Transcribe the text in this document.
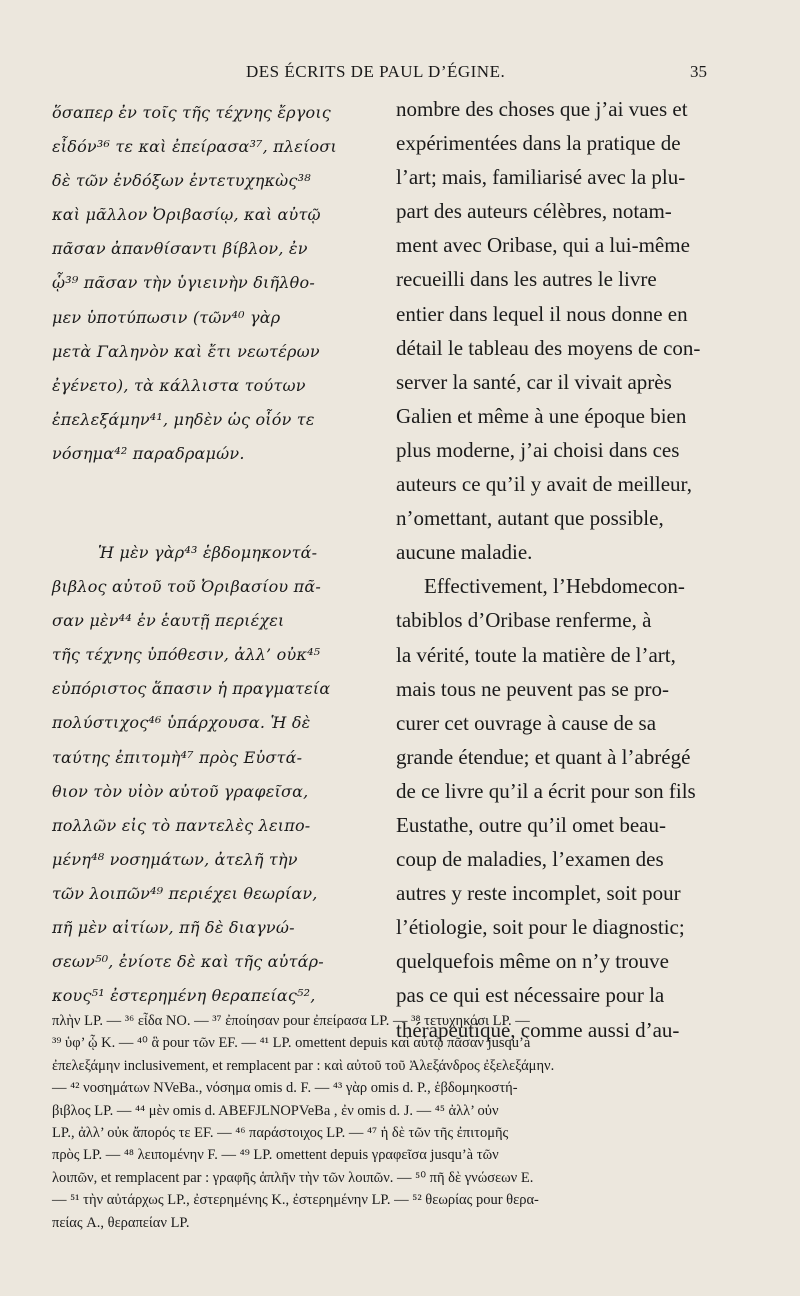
DES ÉCRITS DE PAUL D’ÉGINE.	35
ὅσαπερ ἐν τοῖς τῆς τέχνης ἔργοις
εἶδόν³⁶ τε καὶ ἐπείρασα³⁷, πλείοσι
δὲ τῶν ἐνδόξων ἐντετυχηκὼς³⁸
καὶ μᾶλλον Ὀριβασίῳ, καὶ αὐτῷ
πᾶσαν ἀπανθίσαντι βίβλον, ἐν
ᾧ³⁹ πᾶσαν τὴν ὑγιεινὴν διῆλθο-
μεν ὑποτύπωσιν (τῶν⁴⁰ γὰρ
μετὰ Γαληνὸν καὶ ἔτι νεωτέρων
ἐγένετο), τὰ κάλλιστα τούτων
ἐπελεξάμην⁴¹, μηδὲν ὡς οἷόν τε
νόσημα⁴² παραδραμών.
Ἡ μὲν γὰρ⁴³ ἑβδομηκοντά-
βιβλος αὐτοῦ τοῦ Ὀριβασίου πᾶ-
σαν μὲν⁴⁴ ἐν ἑαυτῇ περιέχει
τῆς τέχνης ὑπόθεσιν, ἀλλ’ οὐκ⁴⁵
εὐπόριστος ἅπασιν ἡ πραγματεία
πολύστιχος⁴⁶ ὑπάρχουσα. Ἡ δὲ
ταύτης ἐπιτομὴ⁴⁷ πρὸς Εὐστά-
θιον τὸν υἱὸν αὐτοῦ γραφεῖσα,
πολλῶν εἰς τὸ παντελὲς λειπο-
μένη⁴⁸ νοσημάτων, ἀτελῆ τὴν
τῶν λοιπῶν⁴⁹ περιέχει θεωρίαν,
πῆ μὲν αἰτίων, πῆ δὲ διαγνώ-
σεων⁵⁰, ἐνίοτε δὲ καὶ τῆς αὐτάρ-
κους⁵¹ ἐστερημένη θεραπείας⁵²,
nombre des choses que j’ai vues et
expérimentées dans la pratique de
l’art; mais, familiarisé avec la plu-
part des auteurs célèbres, notam-
ment avec Oribase, qui a lui-même
recueilli dans les autres le livre
entier dans lequel il nous donne en
détail le tableau des moyens de con-
server la santé, car il vivait après
Galien et même à une époque bien
plus moderne, j’ai choisi dans ces
auteurs ce qu’il y avait de meilleur,
n’omettant, autant que possible,
aucune maladie.
Effectivement, l’Hebdomecon-
tabiblos d’Oribase renferme, à
la vérité, toute la matière de l’art,
mais tous ne peuvent pas se pro-
curer cet ouvrage à cause de sa
grande étendue; et quant à l’abrégé
de ce livre qu’il a écrit pour son fils
Eustathe, outre qu’il omet beau-
coup de maladies, l’examen des
autres y reste incomplet, soit pour
l’étiologie, soit pour le diagnostic;
quelquefois même on n’y trouve
pas ce qui est nécessaire pour la
thérapeutique, comme aussi d’au-
πλὴν LP. — ³⁶ εἶδα NO. — ³⁷ ἐποίησαν pour ἐπείρασα LP. — ³⁸ τετυχηκόσι LP. —
³⁹ ὑφ’ ᾧ K. — ⁴⁰ ἃ pour τῶν EF. — ⁴¹ LP. omettent depuis καὶ αὐτῷ πᾶσαν jusqu’à
ἐπελεξάμην inclusivement, et remplacent par : καὶ αὐτοῦ τοῦ Ἀλεξάνδρος ἐξελεξάμην.
— ⁴² νοσημάτων NVeBa., νόσημα omis d. F. — ⁴³ γὰρ omis d. P., ἑβδομηκοστή-
βιβλος LP. — ⁴⁴ μὲν omis d. ABEFJLNOPVeBa , ἐν omis d. J. — ⁴⁵ ἀλλ’ οὐν
LP., ἀλλ’ οὐκ ἄπορός τε EF. — ⁴⁶ παράστοιχος LP. — ⁴⁷ ἡ δὲ τῶν τῆς ἐπιτομῆς
πρὸς LP. — ⁴⁸ λειπομένην F. — ⁴⁹ LP. omettent depuis γραφεῖσα jusqu’à τῶν
λοιπῶν, et remplacent par : γραφῆς ἁπλῆν τὴν τῶν λοιπῶν. — ⁵⁰ πῆ δὲ γνώσεων E.
— ⁵¹ τὴν αὐτάρχως LP., ἐστερημένης K., ἐστερημένην LP. — ⁵² θεωρίας pour θερα-
πείας A., θεραπείαν LP.
